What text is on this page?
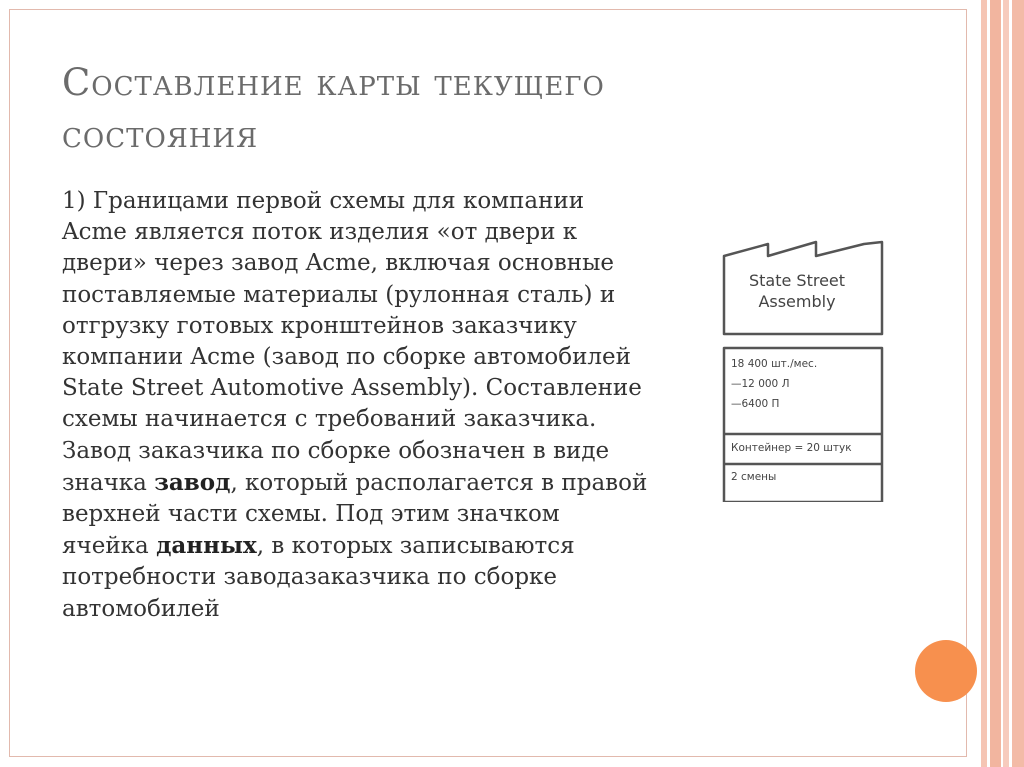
Составление карты текущего
состояния
1) Границами первой схемы для компании Acme является поток изделия «от двери к двери» через завод Acme, включая основные поставляемые материалы (рулонная сталь) и отгрузку готовых кронштейнов заказчику компании Acme (завод по сборке автомобилей State Street Automotive Assembly). Составление схемы начинается с требований заказчика. Завод заказчика по сборке обозначен в виде значка завод, который располагается в правой верхней части схемы. Под этим значком ячейка данных, в которых записываются потребности заводазаказчика по сборке автомобилей
State Street
Assembly
18 400 шт./мес.
—12 000 Л
—6400 П
Контейнер = 20 штук
2 смены
